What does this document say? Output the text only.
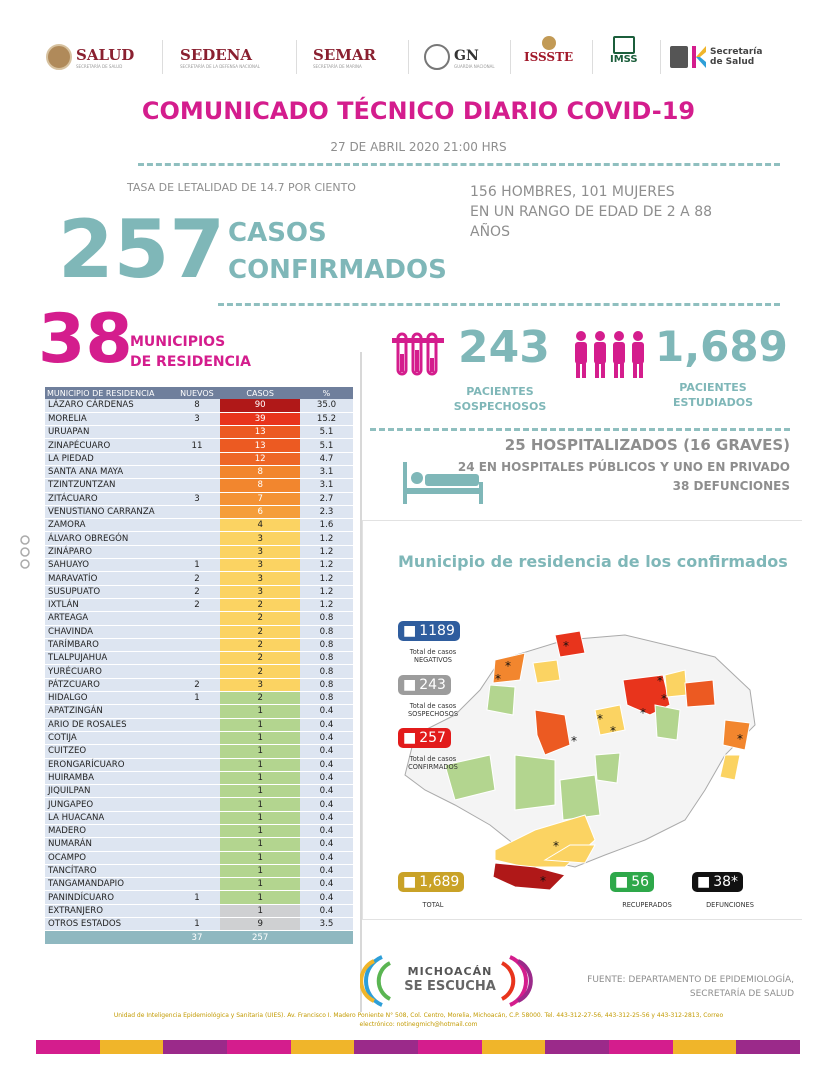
SALUD
SECRETARÍA DE SALUD
SEDENA
SECRETARÍA DE LA DEFENSA NACIONAL
SEMAR
SECRETARÍA DE MARINA
GN
GUARDIA NACIONAL
ISSSTE	IMSS
Secretaría de Salud
COMUNICADO TÉCNICO DIARIO COVID-19
27 DE ABRIL 2020 21:00 HRS
TASA DE LETALIDAD DE 14.7 POR CIENTO
257 CASOS
CONFIRMADOS
156 HOMBRES, 101 MUJERES
EN UN RANGO DE EDAD DE 2 A 88
AÑOS
38
MUNICIPIOS
DE RESIDENCIA	243
PACIENTES
SOSPECHOSOS
1,689
PACIENTES
ESTUDIADOS
25 HOSPITALIZADOS (16 GRAVES)
24 EN HOSPITALES PÚBLICOS Y UNO EN PRIVADO
38 DEFUNCIONES
MUNICIPIO DE RESIDENCIA	NUEVOS	CASOS	%
LÁZARO CÁRDENAS	8	90	35.0
MORELIA	3	39	15.2
URUAPAN		13	5.1
ZINAPÉCUARO	11	13	5.1
LA PIEDAD		12	4.7
SANTA ANA MAYA		8	3.1
TZINTZUNTZAN		8	3.1
ZITÁCUARO	3	7	2.7
VENUSTIANO CARRANZA		6	2.3
ZAMORA		4	1.6
ÁLVARO OBREGÓN		3	1.2
ZINÁPARO		3	1.2
SAHUAYO	1	3	1.2
MARAVATÍO	2	3	1.2
SUSUPUATO	2	3	1.2
IXTLÁN	2	2	1.2
ARTEAGA		2	0.8
CHAVINDA		2	0.8
TARÍMBARO		2	0.8
TLALPUJAHUA		2	0.8
YURÉCUARO		2	0.8
PÁTZCUARO	2	3	0.8
HIDALGO	1	2	0.8
APATZINGÁN		1	0.4
ARIO DE ROSALES		1	0.4
COTIJA		1	0.4
CUITZEO		1	0.4
ERONGARÍCUARO		1	0.4
HUIRAMBA		1	0.4
JIQUILPAN		1	0.4
JUNGAPEO		1	0.4
LA HUACANA		1	0.4
MADERO		1	0.4
NUMARÁN		1	0.4
OCAMPO		1	0.4
TANCÍTARO		1	0.4
TANGAMANDAPIO		1	0.4
PANINDÍCUARO	1	1	0.4
EXTRANJERO		1	0.4
OTROS ESTADOS	1	9	3.5
	37	257	
Municipio de residencia de los confirmados
*
*
*
*
*
*
*
*
*
*
*
*
■ 1189
Total de casos
NEGATIVOS
■ 243
Total de casos
SOSPECHOSOS
■ 257
Total de casos
CONFIRMADOS
■ 1,689
TOTAL
■ 56
RECUPERADOS
■ 38*
DEFUNCIONES
MICHOACÁN
SE ESCUCHA	FUENTE: DEPARTAMENTO DE EPIDEMIOLOGÍA,
SECRETARÍA DE SALUD
Unidad de Inteligencia Epidemiológica y Sanitaria (UIES). Av. Francisco I. Madero Poniente N° 508, Col. Centro, Morelia, Michoacán, C.P. 58000. Tel. 443-312-27-56, 443-312-25-56 y 443-312-2813, Correo
electrónico: notinegmich@hotmail.com
